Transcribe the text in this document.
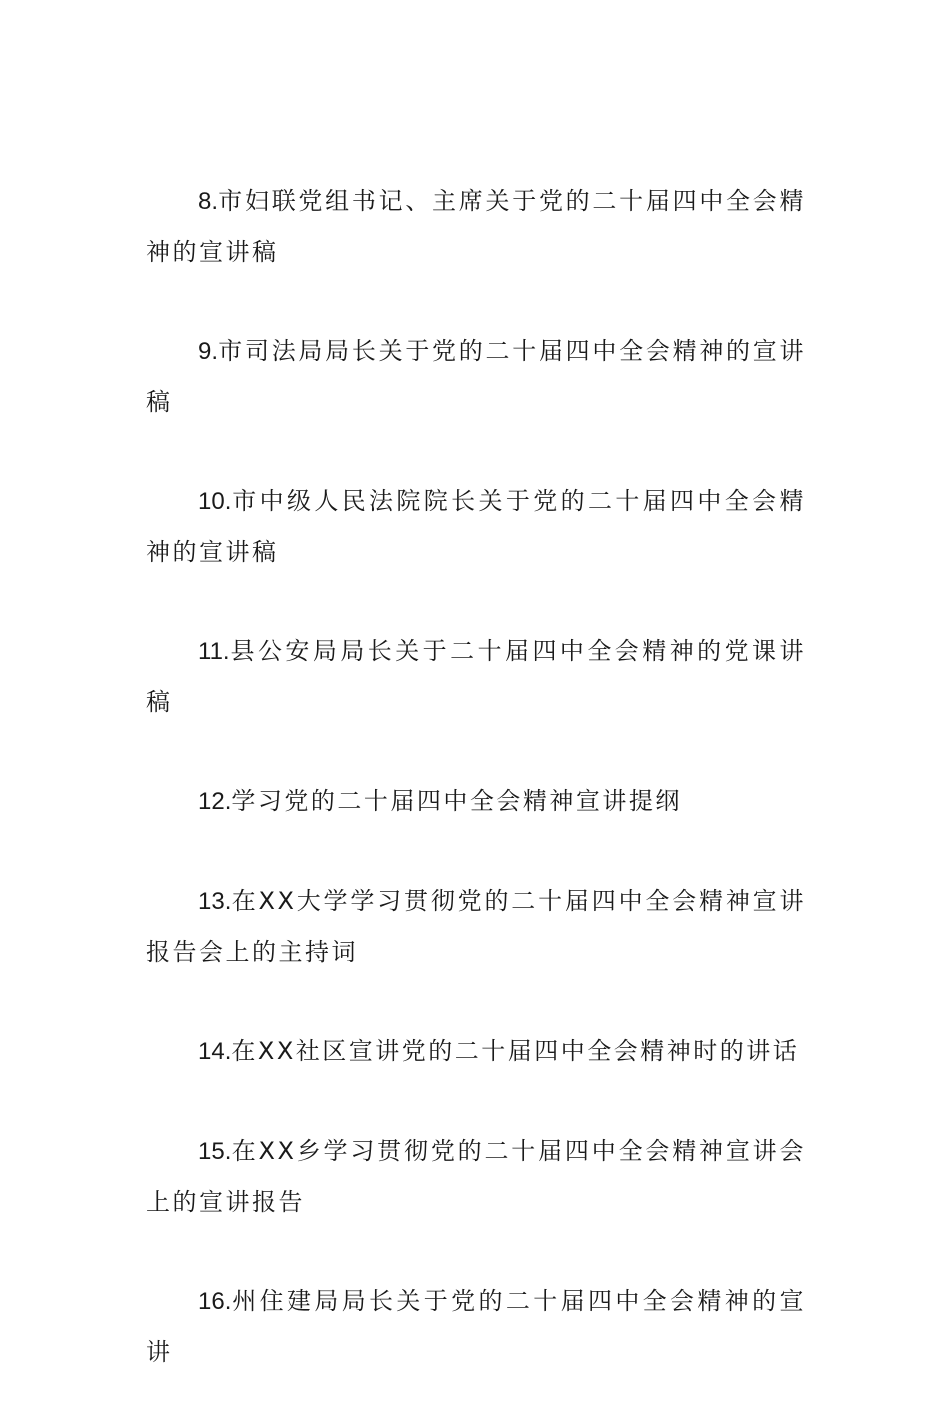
8.市妇联党组书记、主席关于党的二十届四中全会精神的宣讲稿

9.市司法局局长关于党的二十届四中全会精神的宣讲稿

10.市中级人民法院院长关于党的二十届四中全会精神的宣讲稿

11.县公安局局长关于二十届四中全会精神的党课讲稿

12.学习党的二十届四中全会精神宣讲提纲

13.在XX大学学习贯彻党的二十届四中全会精神宣讲报告会上的主持词

14.在XX社区宣讲党的二十届四中全会精神时的讲话

15.在XX乡学习贯彻党的二十届四中全会精神宣讲会上的宣讲报告

16.州住建局局长关于党的二十届四中全会精神的宣讲
